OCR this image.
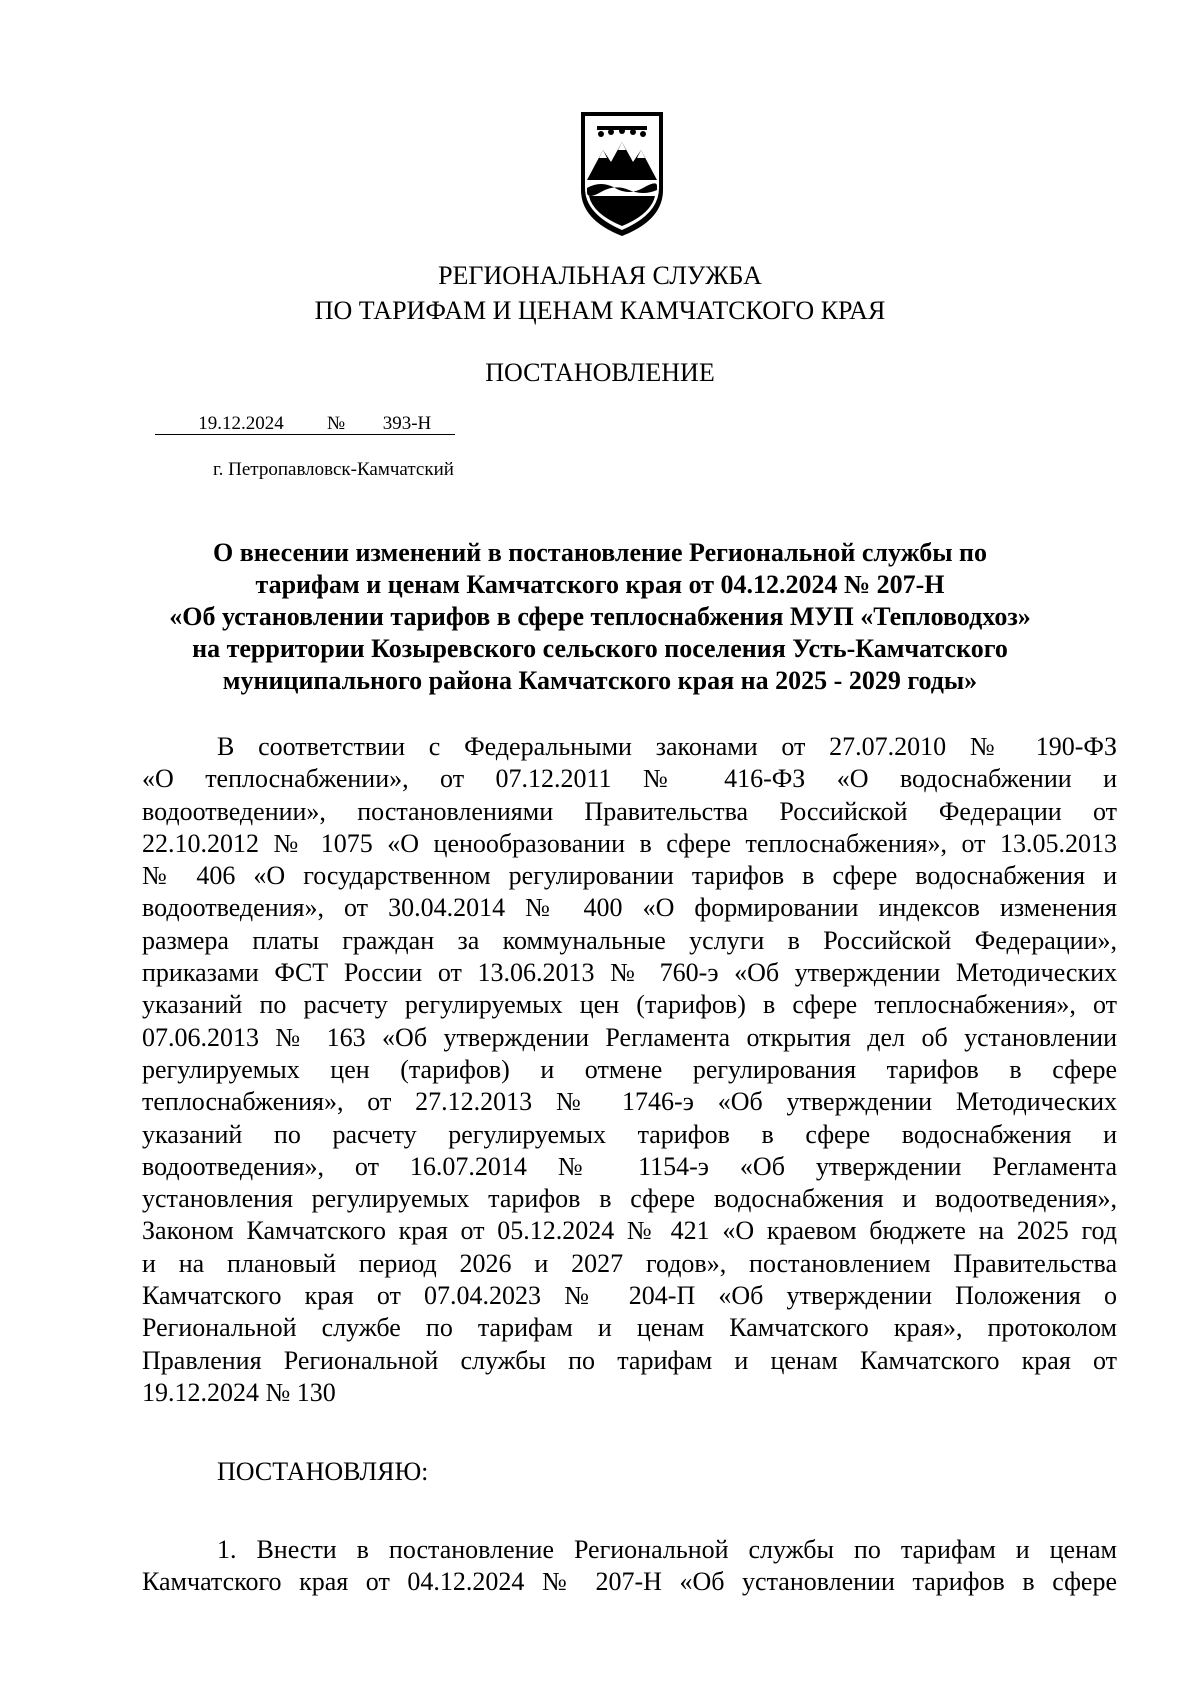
РЕГИОНАЛЬНАЯ СЛУЖБА
ПО ТАРИФАМ И ЦЕНАМ КАМЧАТСКОГО КРАЯ
ПОСТАНОВЛЕНИЕ
19.12.2024 № 393-Н
г. Петропавловск-Камчатский
О внесении изменений в постановление Региональной службы по
тарифам и ценам Камчатского края от 04.12.2024 № 207-Н
«Об установлении тарифов в сфере теплоснабжения МУП «Тепловодхоз»
на территории Козыревского сельского поселения Усть-Камчатского
муниципального района Камчатского края на 2025 - 2029 годы»
В соответствии с Федеральными законами от 27.07.2010 № 190-ФЗ
«О теплоснабжении», от 07.12.2011 № 416-ФЗ «О водоснабжении и
водоотведении», постановлениями Правительства Российской Федерации от
22.10.2012 № 1075 «О ценообразовании в сфере теплоснабжения», от 13.05.2013
№ 406 «О государственном регулировании тарифов в сфере водоснабжения и
водоотведения», от 30.04.2014 № 400 «О формировании индексов изменения
размера платы граждан за коммунальные услуги в Российской Федерации»,
приказами ФСТ России от 13.06.2013 № 760-э «Об утверждении Методических
указаний по расчету регулируемых цен (тарифов) в сфере теплоснабжения», от
07.06.2013 № 163 «Об утверждении Регламента открытия дел об установлении
регулируемых цен (тарифов) и отмене регулирования тарифов в сфере
теплоснабжения», от 27.12.2013 № 1746-э «Об утверждении Методических
указаний по расчету регулируемых тарифов в сфере водоснабжения и
водоотведения», от 16.07.2014 № 1154-э «Об утверждении Регламента
установления регулируемых тарифов в сфере водоснабжения и водоотведения»,
Законом Камчатского края от 05.12.2024 № 421 «О краевом бюджете на 2025 год
и на плановый период 2026 и 2027 годов», постановлением Правительства
Камчатского края от 07.04.2023 № 204-П «Об утверждении Положения о
Региональной службе по тарифам и ценам Камчатского края», протоколом
Правления Региональной службы по тарифам и ценам Камчатского края от
19.12.2024 № 130
ПОСТАНОВЛЯЮ:
1. Внести в постановление Региональной службы по тарифам и ценам
Камчатского края от 04.12.2024 № 207-Н «Об установлении тарифов в сфере
